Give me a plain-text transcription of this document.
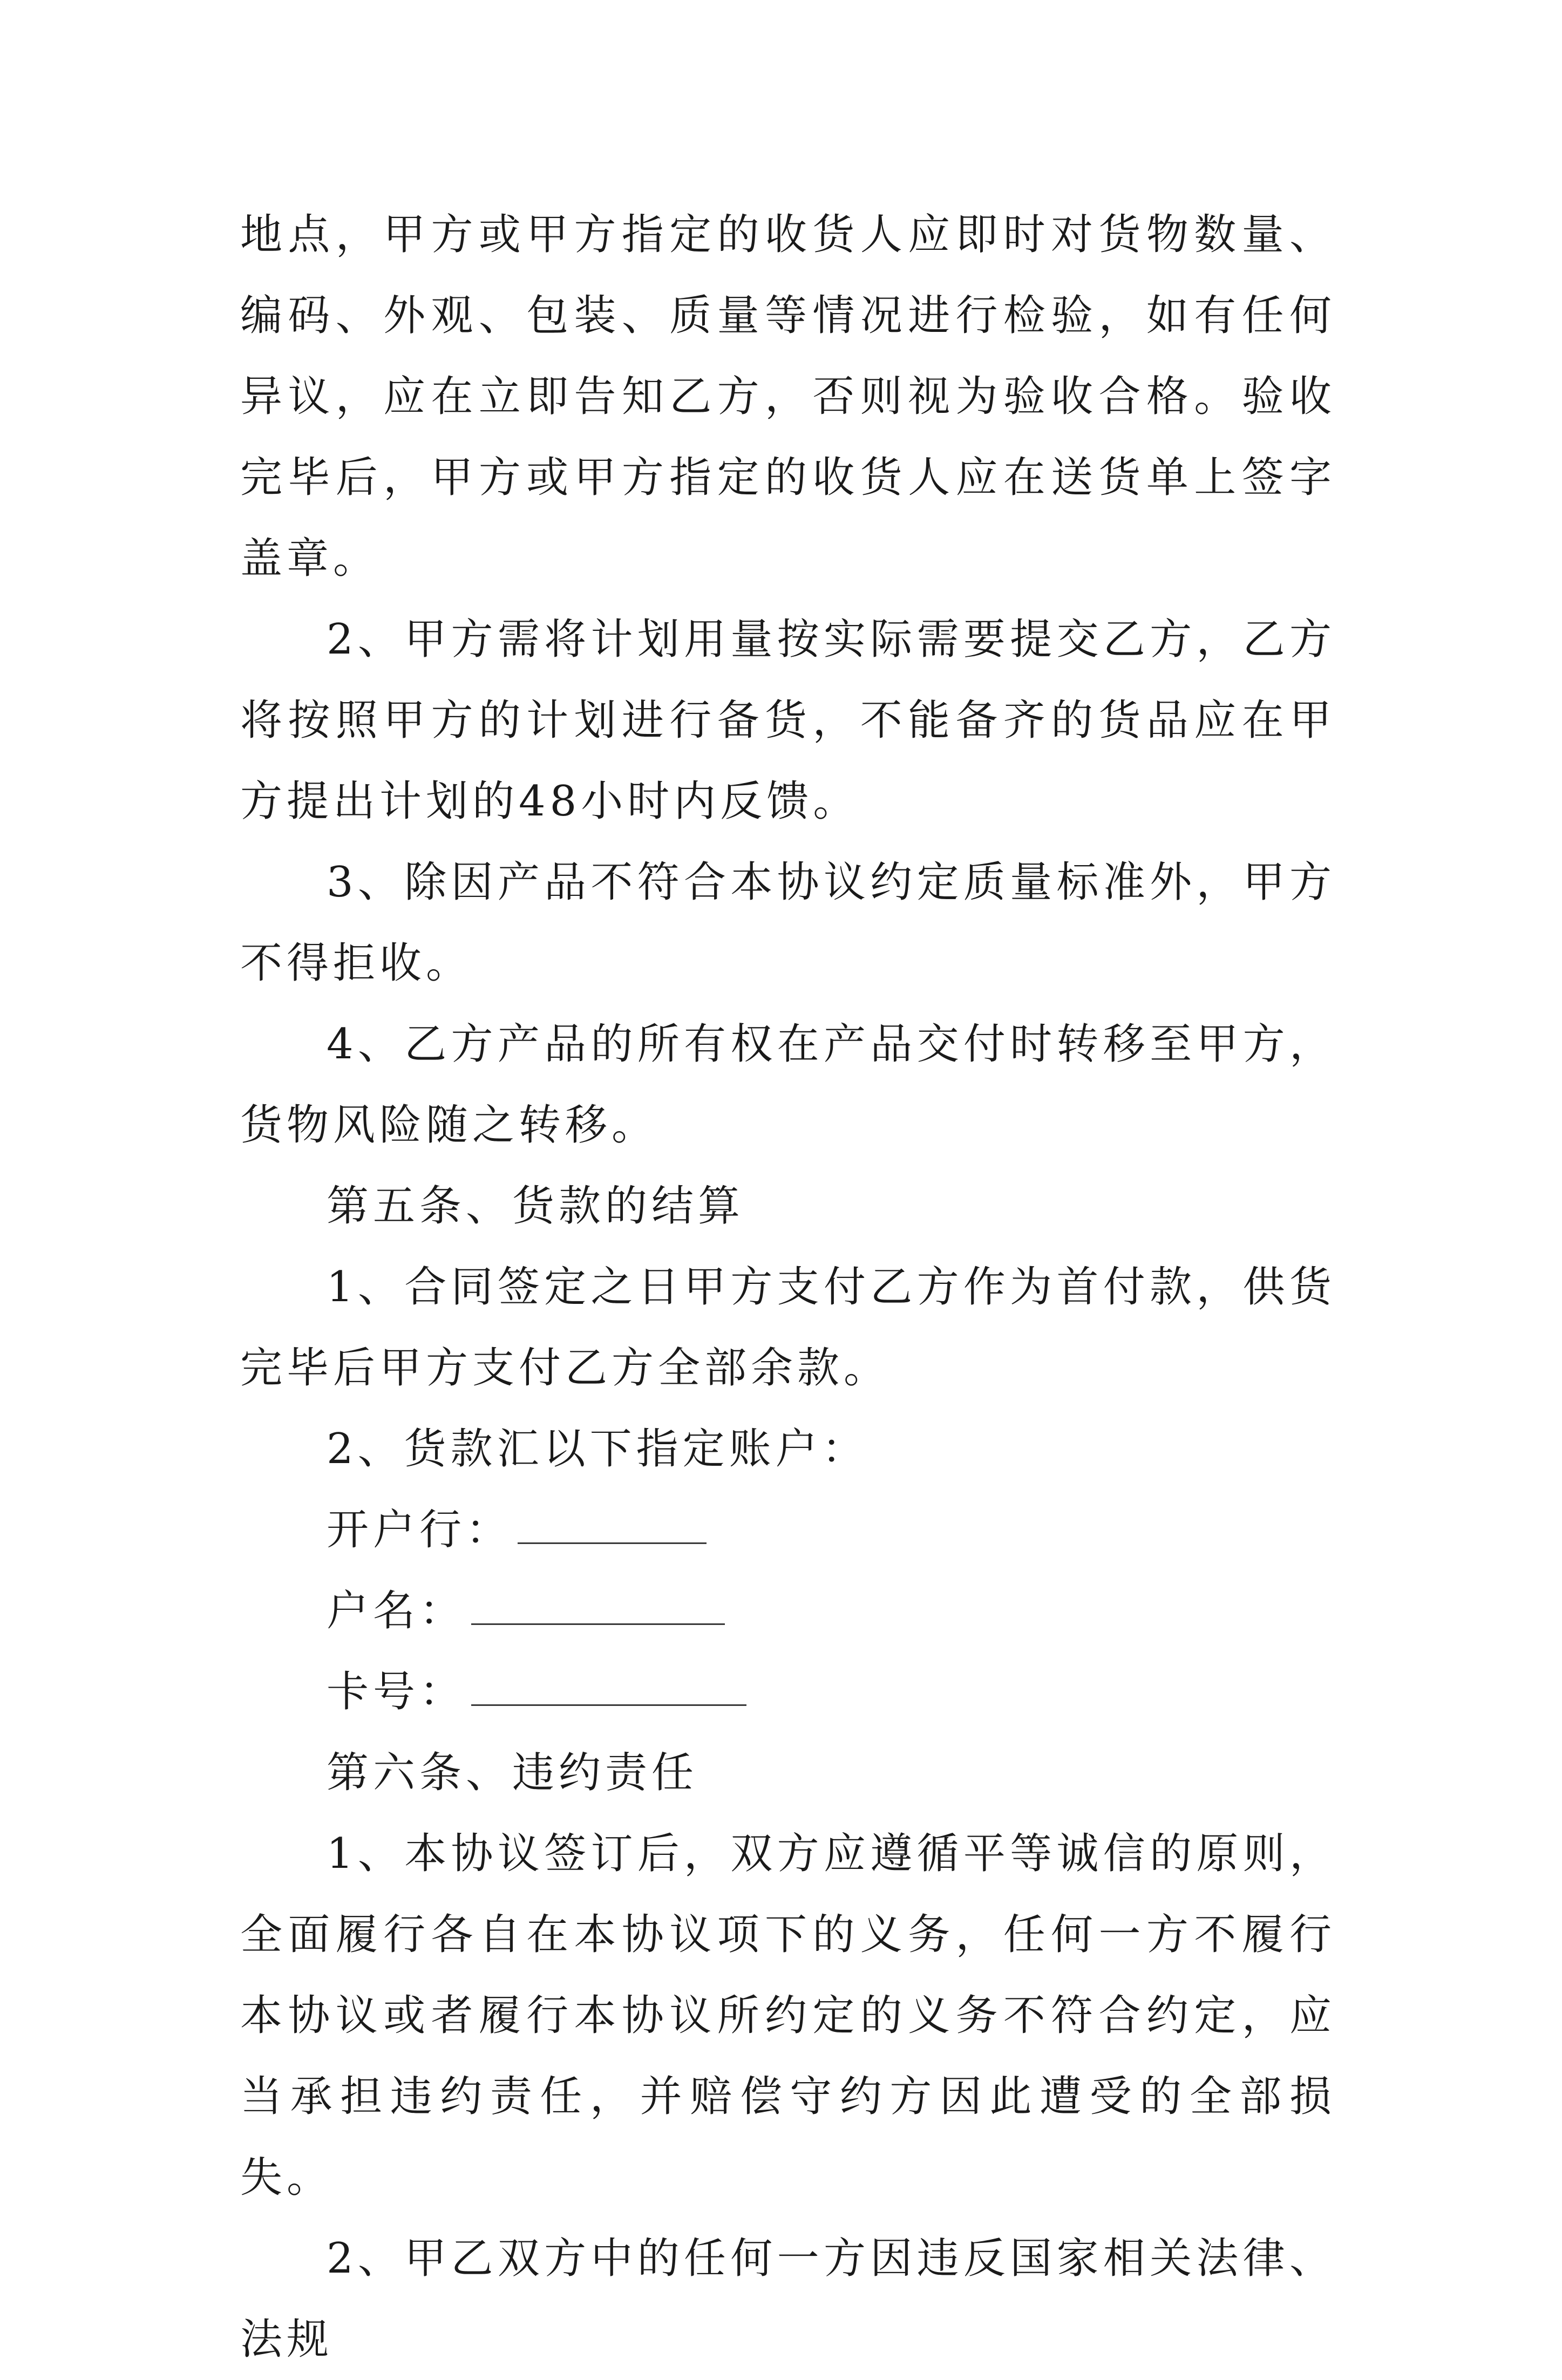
地点，甲方或甲方指定的收货人应即时对货物数量、编码、外观、包装、质量等情况进行检验，如有任何异议，应在立即告知乙方，否则视为验收合格。验收完毕后，甲方或甲方指定的收货人应在送货单上签字盖章。

2、甲方需将计划用量按实际需要提交乙方，乙方将按照甲方的计划进行备货，不能备齐的货品应在甲方提出计划的48小时内反馈。

3、除因产品不符合本协议约定质量标准外，甲方不得拒收。

4、乙方产品的所有权在产品交付时转移至甲方，货物风险随之转移。

第五条、货款的结算

1、合同签定之日甲方支付乙方作为首付款，供货完毕后甲方支付乙方全部余款。

2、货款汇以下指定账户：

开户行：

户名：

卡号：

第六条、违约责任

1、本协议签订后，双方应遵循平等诚信的原则，全面履行各自在本协议项下的义务，任何一方不履行本协议或者履行本协议所约定的义务不符合约定，应当承担违约责任，并赔偿守约方因此遭受的全部损失。

2、甲乙双方中的任何一方因违反国家相关法律、法规
